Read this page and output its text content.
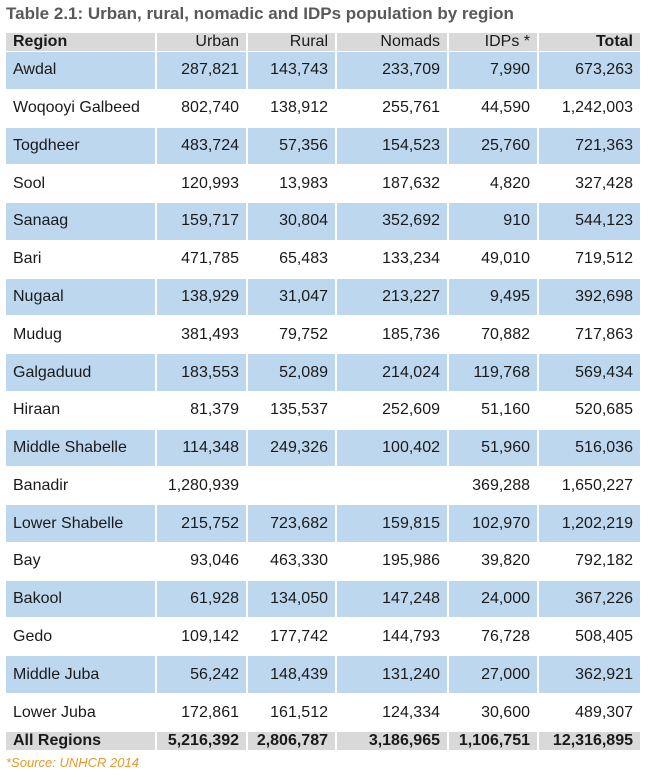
Table 2.1: Urban, rural, nomadic and IDPs population by region
Region	Urban	Rural	Nomads	IDPs *	Total
Awdal	287,821	143,743	233,709	7,990	673,263
Woqooyi Galbeed	802,740	138,912	255,761	44,590	1,242,003
Togdheer	483,724	57,356	154,523	25,760	721,363
Sool	120,993	13,983	187,632	4,820	327,428
Sanaag	159,717	30,804	352,692	910	544,123
Bari	471,785	65,483	133,234	49,010	719,512
Nugaal	138,929	31,047	213,227	9,495	392,698
Mudug	381,493	79,752	185,736	70,882	717,863
Galgaduud	183,553	52,089	214,024	119,768	569,434
Hiraan	81,379	135,537	252,609	51,160	520,685
Middle Shabelle	114,348	249,326	100,402	51,960	516,036
Banadir	1,280,939			369,288	1,650,227
Lower Shabelle	215,752	723,682	159,815	102,970	1,202,219
Bay	93,046	463,330	195,986	39,820	792,182
Bakool	61,928	134,050	147,248	24,000	367,226
Gedo	109,142	177,742	144,793	76,728	508,405
Middle Juba	56,242	148,439	131,240	27,000	362,921
Lower Juba	172,861	161,512	124,334	30,600	489,307
All Regions	5,216,392	2,806,787	3,186,965	1,106,751	12,316,895
*Source: UNHCR 2014
